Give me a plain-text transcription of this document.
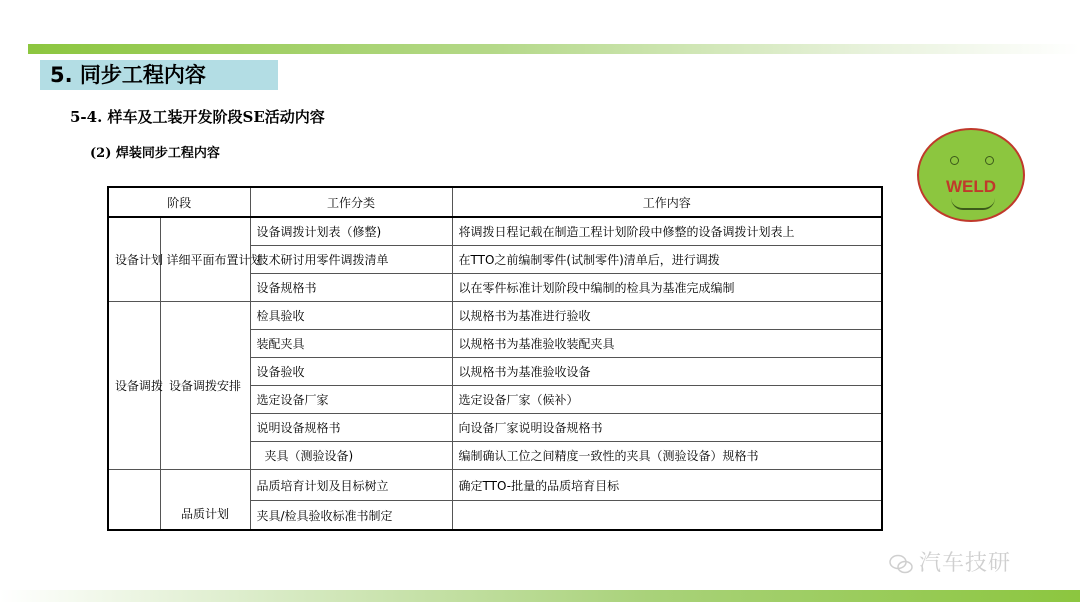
5. 同步工程内容
5-4. 样车及工装开发阶段SE活动内容
(2) 焊装同步工程内容
WELD
阶段		工作分类	工作内容
设备计划	详细平面布置计划	设备调拨计划表（修整)	将调拨日程记载在制造工程计划阶段中修整的设备调拨计划表上
		技术研讨用零件调拨清单	在TTO之前编制零件(试制零件)清单后，进行调拨
		设备规格书	以在零件标准计划阶段中编制的检具为基准完成编制
设备调拨	设备调拨安排	检具验收	以规格书为基准进行验收
		装配夹具	以规格书为基准验收装配夹具
		设备验收	以规格书为基准验收设备
		选定设备厂家	选定设备厂家（候补）
		说明设备规格书	向设备厂家说明设备规格书
		夹具（测验设备)	编制确认工位之间精度一致性的夹具（测验设备）规格书
	品质计划	品质培育计划及目标树立	确定TTO-批量的品质培育目标
		夹具/检具验收标准书制定	
汽车技研
